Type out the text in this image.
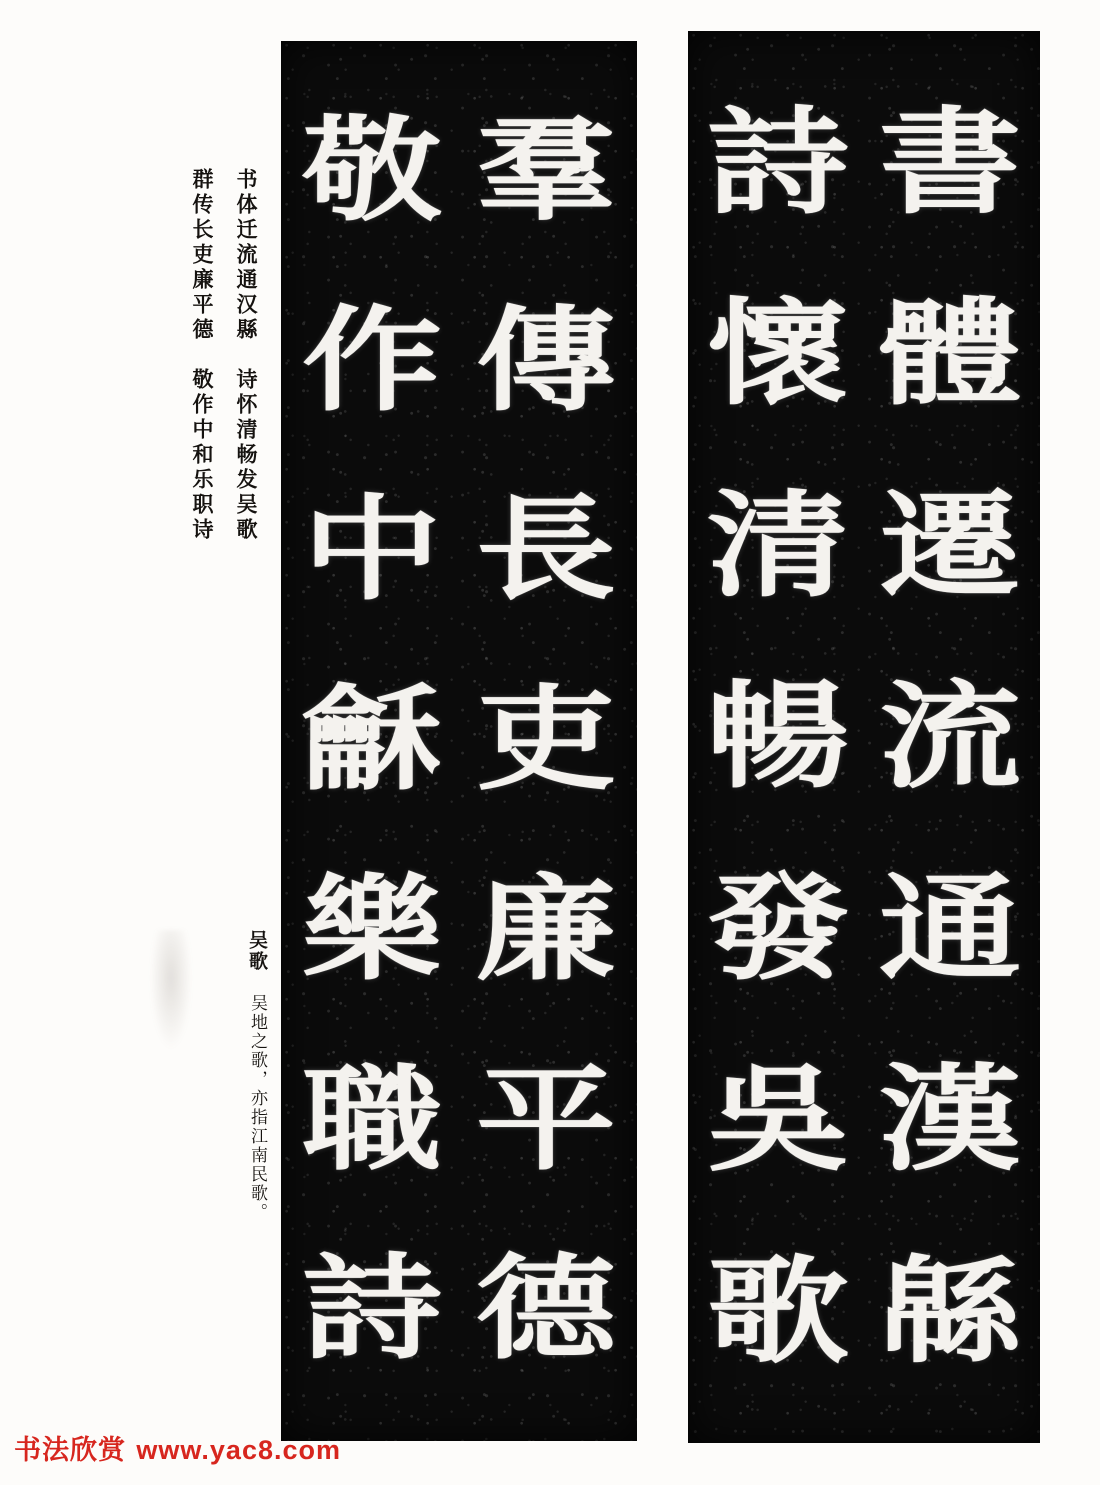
書
體
遷
流
通
漢
緜
詩
懷
清
暢
發
吳
歌
羣
傳
長
吏
廉
平
德
敬
作
中
龢
樂
職
詩
书体迁流通汉縣　诗怀清畅发吴歌
群传长吏廉平德　敬作中和乐职诗
吴歌 吴地之歌，亦指江南民歌。
书法欣赏 www.yac8.com
